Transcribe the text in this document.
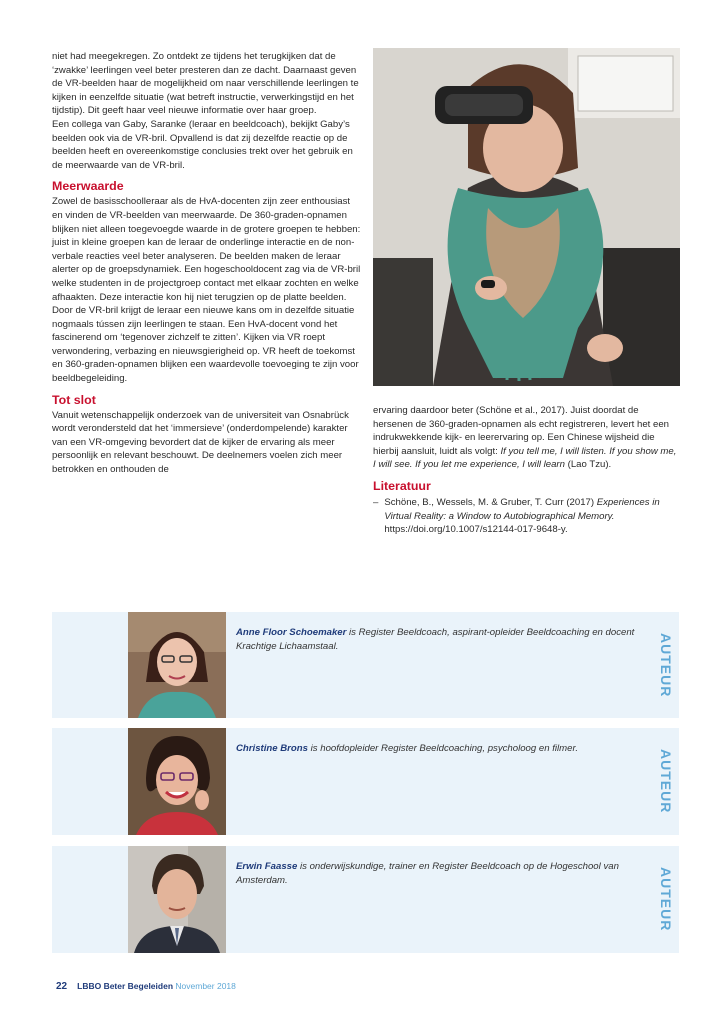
niet had meegekregen. Zo ontdekt ze tijdens het terugkijken dat de ‘zwakke’ leerlingen veel beter presteren dan ze dacht. Daarnaast geven de VR-beelden haar de mogelijkheid om naar verschillende leerlingen te kijken in eenzelfde situatie (wat betreft instructie, verwerkingstijd en het tijdstip). Dit geeft haar veel nieuwe informatie over haar groep.

Een collega van Gaby, Saranke (leraar en beeldcoach), bekijkt Gaby’s beelden ook via de VR-bril. Opvallend is dat zij dezelfde reactie op de beelden heeft en overeenkomstige conclusies trekt over het gebruik en de meerwaarde van de VR-bril.

Meerwaarde

Zowel de basisschoolleraar als de HvA-docenten zijn zeer enthousiast en vinden de VR-beelden van meerwaarde. De 360-graden-opnamen blijken niet alleen toegevoegde waarde in de grotere groepen te hebben: juist in kleine groepen kan de leraar de onderlinge interactie en de non-verbale reacties veel beter analyseren. De beelden maken de leraar alerter op de groepsdynamiek. Een hogeschooldocent zag via de VR-bril welke studenten in de projectgroep contact met elkaar zochten en welke afhaakten. Deze interactie kon hij niet terugzien op de platte beelden. Door de VR-bril krijgt de leraar een nieuwe kans om in dezelfde situatie nogmaals tússen zijn leerlingen te staan. Een HvA-docent vond het fascinerend om ‘tegenover zichzelf te zitten’. Kijken via VR roept verwondering, verbazing en nieuwsgierigheid op. VR heeft de toekomst en 360-graden-opnamen blijken een waardevolle toevoeging te zijn voor beeldbegeleiding.

Tot slot

Vanuit wetenschappelijk onderzoek van de universiteit van Osnabrück wordt verondersteld dat het ‘immersieve’ (onderdompelende) karakter van een VR-omgeving bevordert dat de kijker de ervaring als meer persoonlijk en relevant beschouwt. De deelnemers voelen zich meer betrokken en onthouden de

ervaring daardoor beter (Schöne et al., 2017). Juist doordat de hersenen de 360-graden-opnamen als echt registreren, levert het een indrukwekkende kijk- en leerervaring op. Een Chinese wijsheid die hierbij aansluit, luidt als volgt: If you tell me, I will listen. If you show me, I will see. If you let me experience, I will learn (Lao Tzu).

Literatuur
– Schöne, B., Wessels, M. & Gruber, T. Curr (2017) Experiences in Virtual Reality: a Window to Autobiographical Memory. https://doi.org/10.1007/s12144-017-9648-y.
Anne Floor Schoemaker is Register Beeldcoach, aspirant-opleider Beeldcoaching en docent Krachtige Lichaamstaal.	AUTEUR
Christine Brons is hoofdopleider Register Beeldcoaching, psycholoog en filmer.
AUTEUR
Erwin Faasse is onderwijskundige, trainer en Register Beeldcoach op de Hogeschool van Amsterdam.	AUTEUR
22 LBBO Beter Begeleiden November 2018
